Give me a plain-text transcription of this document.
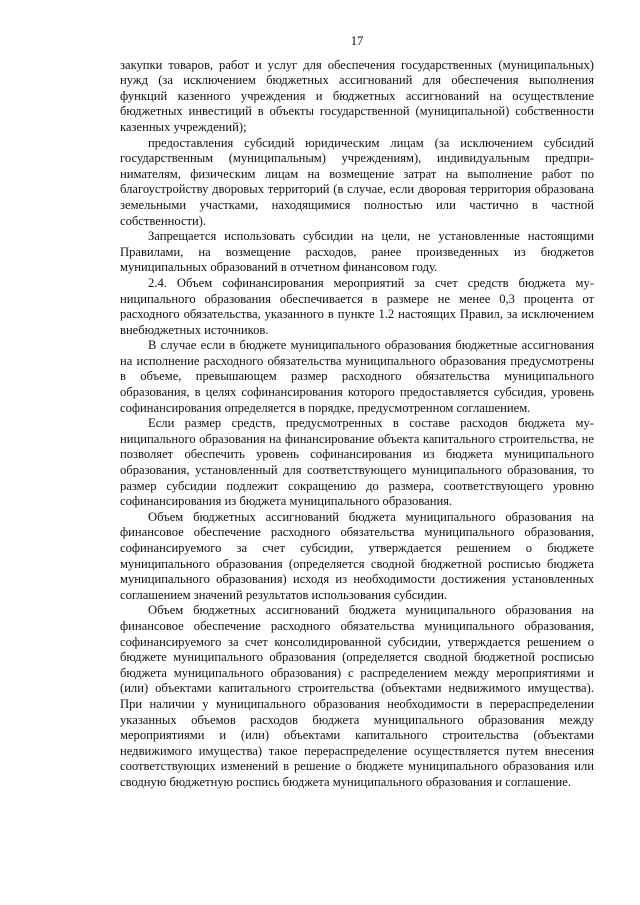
17

закупки товаров, работ и услуг для обеспечения государственных (муниципальных) нужд (за исключением бюджетных ассигнований для обеспечения выполнения функций казенного учреждения и бюджетных ассигнований на осуществление бюджетных инвестиций в объекты государственной (муниципальной) собственности казенных учреждений);

предоставления субсидий юридическим лицам (за исключением субсидий государственным (муниципальным) учреждениям), индивидуальным предпринимателям, физическим лицам на возмещение затрат на выполнение работ по благоустройству дворовых территорий (в случае, если дворовая территория образована земельными участками, находящимися полностью или частично в частной собственности).

Запрещается использовать субсидии на цели, не установленные настоящими Правилами, на возмещение расходов, ранее произведенных из бюджетов муниципальных образований в отчетном финансовом году.

2.4. Объем софинансирования мероприятий за счет средств бюджета муниципального образования обеспечивается в размере не менее 0,3 процента от расходного обязательства, указанного в пункте 1.2 настоящих Правил, за исключением внебюджетных источников.

В случае если в бюджете муниципального образования бюджетные ассигнования на исполнение расходного обязательства муниципального образования предусмотрены в объеме, превышающем размер расходного обязательства муниципального образования, в целях софинансирования которого предоставляется субсидия, уровень софинансирования определяется в порядке, предусмотренном соглашением.

Если размер средств, предусмотренных в составе расходов бюджета муниципального образования на финансирование объекта капитального строительства, не позволяет обеспечить уровень софинансирования из бюджета муниципального образования, установленный для соответствующего муниципального образования, то размер субсидии подлежит сокращению до размера, соответствующего уровню софинансирования из бюджета муниципального образования.

Объем бюджетных ассигнований бюджета муниципального образования на финансовое обеспечение расходного обязательства муниципального образования, софинансируемого за счет субсидии, утверждается решением о бюджете муниципального образования (определяется сводной бюджетной росписью бюджета муниципального образования) исходя из необходимости достижения установленных соглашением значений результатов использования субсидии.

Объем бюджетных ассигнований бюджета муниципального образования на финансовое обеспечение расходного обязательства муниципального образования, софинансируемого за счет консолидированной субсидии, утверждается решением о бюджете муниципального образования (определяется сводной бюджетной росписью бюджета муниципального образования) с распределением между мероприятиями и (или) объектами капитального строительства (объектами недвижимого имущества). При наличии у муниципального образования необходимости в перераспределении указанных объемов расходов бюджета муниципального образования между мероприятиями и (или) объектами капитального строительства (объектами недвижимого имущества) такое перераспределение осуществляется путем внесения соответствующих изменений в решение о бюджете муниципального образования или сводную бюджетную роспись бюджета муниципального образования и соглашение.
